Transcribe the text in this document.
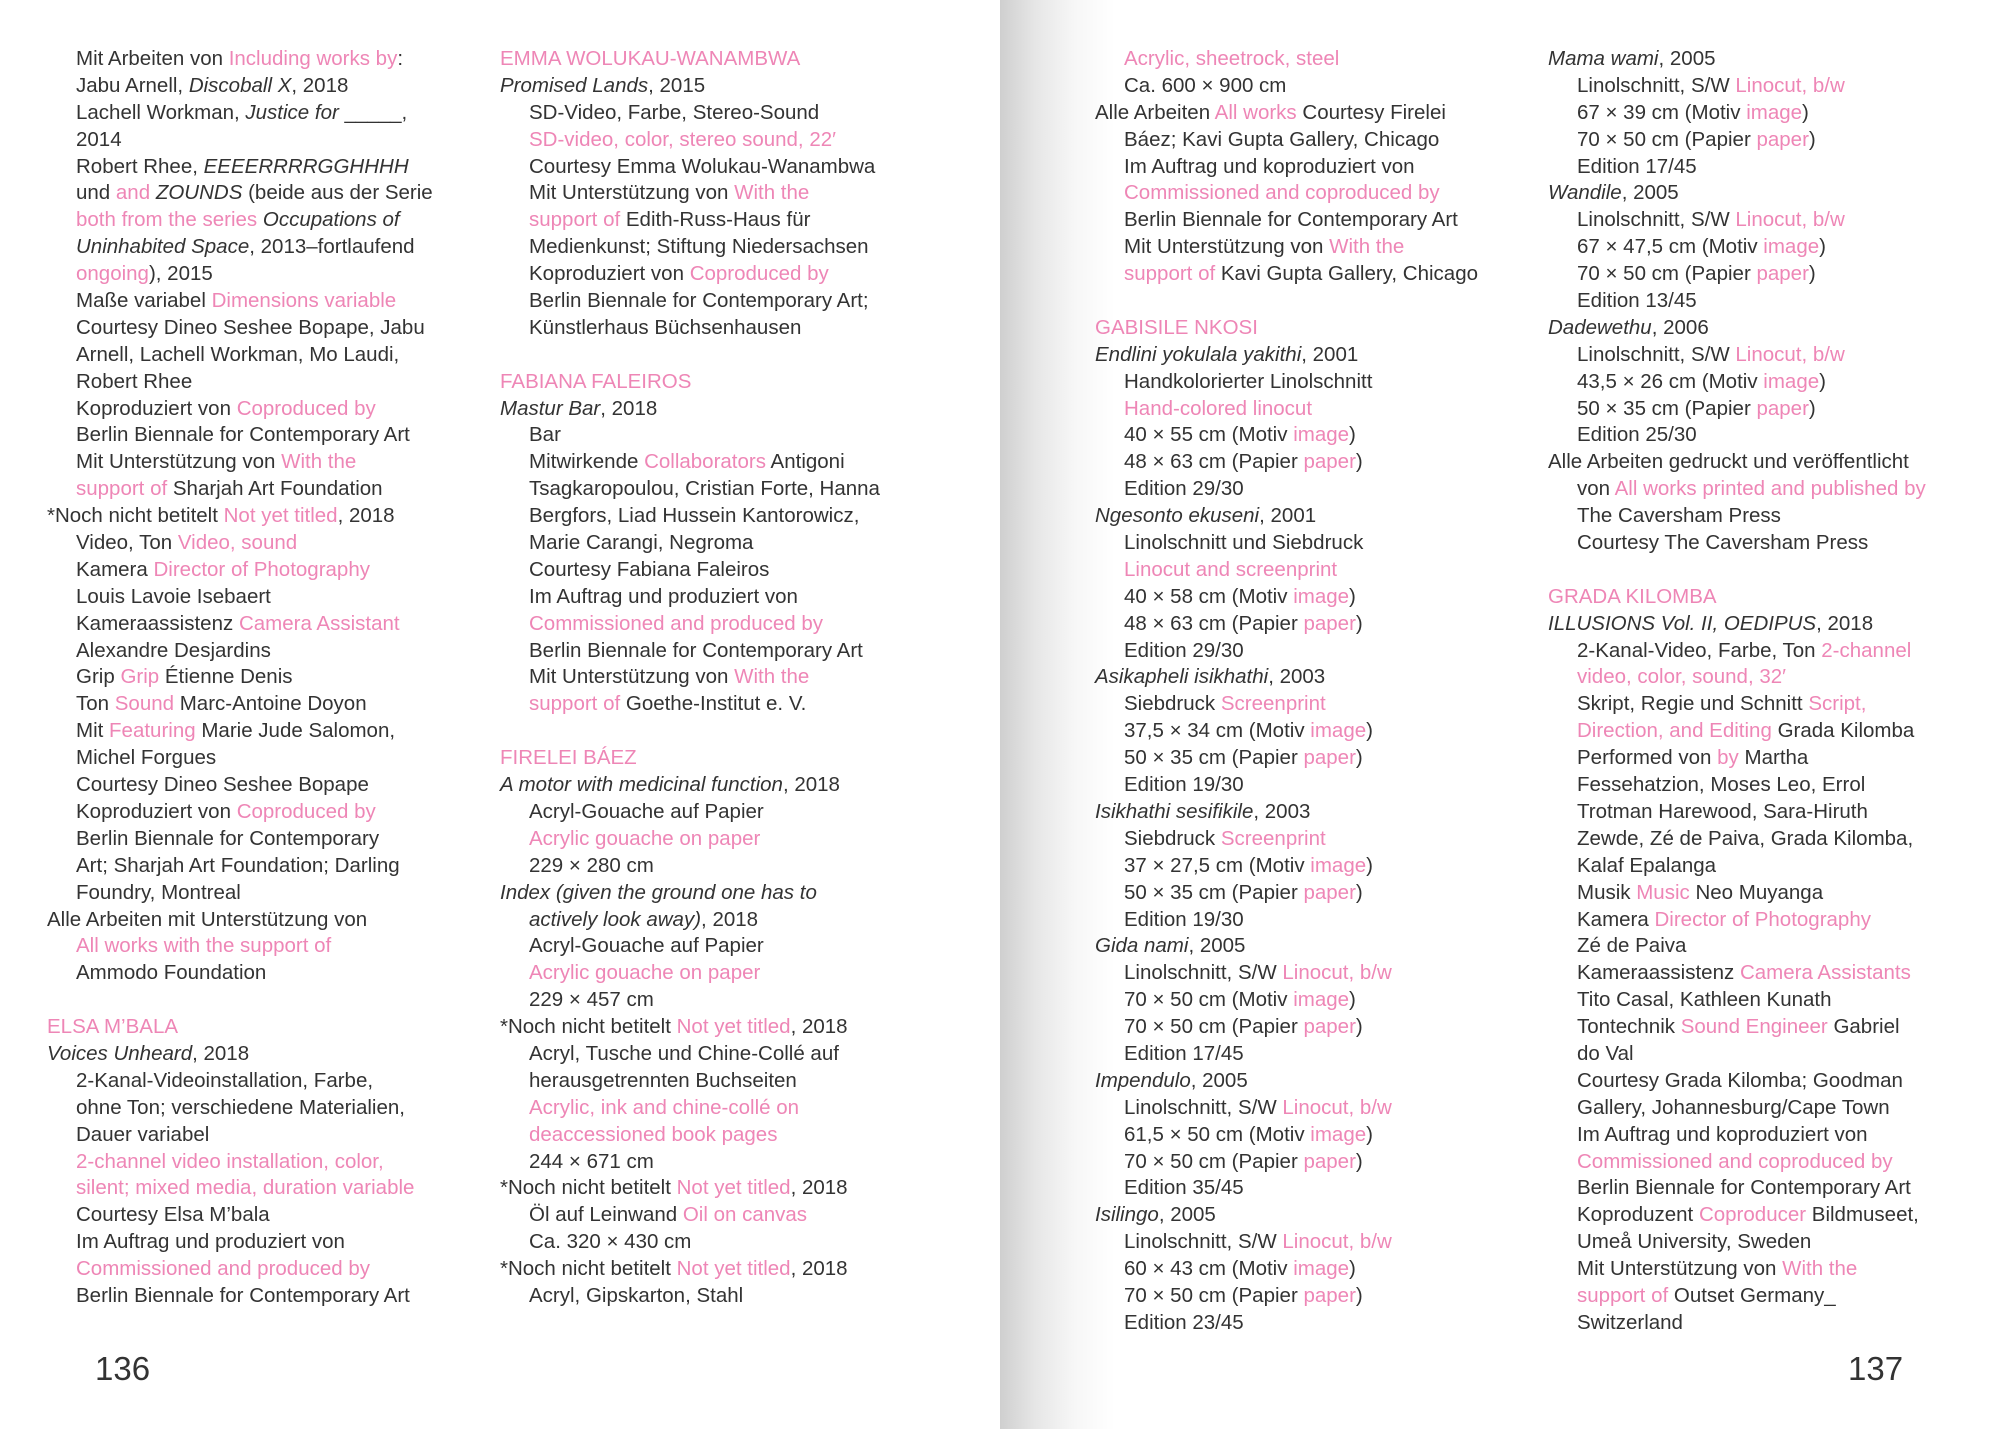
Mit Arbeiten von Including works by:
Jabu Arnell, Discoball X, 2018
Lachell Workman, Justice for _____,
2014
Robert Rhee, EEEERRRRGGHHHH
und and ZOUNDS (beide aus der Serie
both from the series Occupations of
Uninhabited Space, 2013–fortlaufend
ongoing), 2015
Maße variabel Dimensions variable
Courtesy Dineo Seshee Bopape, Jabu
Arnell, Lachell Workman, Mo Laudi,
Robert Rhee
Koproduziert von Coproduced by
Berlin Biennale for Contemporary Art
Mit Unterstützung von With the
support of Sharjah Art Foundation
*Noch nicht betitelt Not yet titled, 2018
Video, Ton Video, sound
Kamera Director of Photography
Louis Lavoie Isebaert
Kameraassistenz Camera Assistant
Alexandre Desjardins
Grip Grip Étienne Denis
Ton Sound Marc-Antoine Doyon
Mit Featuring Marie Jude Salomon,
Michel Forgues
Courtesy Dineo Seshee Bopape
Koproduziert von Coproduced by
Berlin Biennale for Contemporary
Art; Sharjah Art Foundation; Darling
Foundry, Montreal
Alle Arbeiten mit Unterstützung von
All works with the support of
Ammodo Foundation
ELSA M’BALA
Voices Unheard, 2018
2-Kanal-Videoinstallation, Farbe,
ohne Ton; verschiedene Materialien,
Dauer variabel
2-channel video installation, color,
silent; mixed media, duration variable
Courtesy Elsa M’bala
Im Auftrag und produziert von
Commissioned and produced by
Berlin Biennale for Contemporary Art
EMMA WOLUKAU-WANAMBWA
Promised Lands, 2015
SD-Video, Farbe, Stereo-Sound
SD-video, color, stereo sound, 22′
Courtesy Emma Wolukau-Wanambwa
Mit Unterstützung von With the
support of Edith-Russ-Haus für
Medienkunst; Stiftung Niedersachsen
Koproduziert von Coproduced by
Berlin Biennale for Contemporary Art;
Künstlerhaus Büchsenhausen
FABIANA FALEIROS
Mastur Bar, 2018
Bar
Mitwirkende Collaborators Antigoni
Tsagkaropoulou, Cristian Forte, Hanna
Bergfors, Liad Hussein Kantorowicz,
Marie Carangi, Negroma
Courtesy Fabiana Faleiros
Im Auftrag und produziert von
Commissioned and produced by
Berlin Biennale for Contemporary Art
Mit Unterstützung von With the
support of Goethe-Institut e. V.
FIRELEI BÁEZ
A motor with medicinal function, 2018
Acryl-Gouache auf Papier
Acrylic gouache on paper
229 × 280 cm
Index (given the ground one has to
actively look away), 2018
Acryl-Gouache auf Papier
Acrylic gouache on paper
229 × 457 cm
*Noch nicht betitelt Not yet titled, 2018
Acryl, Tusche und Chine-Collé auf
herausgetrennten Buchseiten
Acrylic, ink and chine-collé on
deaccessioned book pages
244 × 671 cm
*Noch nicht betitelt Not yet titled, 2018
Öl auf Leinwand Oil on canvas
Ca. 320 × 430 cm
*Noch nicht betitelt Not yet titled, 2018
Acryl, Gipskarton, Stahl
136
Acrylic, sheetrock, steel
Ca. 600 × 900 cm
Alle Arbeiten All works Courtesy Firelei
Báez; Kavi Gupta Gallery, Chicago
Im Auftrag und koproduziert von
Commissioned and coproduced by
Berlin Biennale for Contemporary Art
Mit Unterstützung von With the
support of Kavi Gupta Gallery, Chicago
GABISILE NKOSI
Endlini yokulala yakithi, 2001
Handkolorierter Linolschnitt
Hand-colored linocut
40 × 55 cm (Motiv image)
48 × 63 cm (Papier paper)
Edition 29/30
Ngesonto ekuseni, 2001
Linolschnitt und Siebdruck
Linocut and screenprint
40 × 58 cm (Motiv image)
48 × 63 cm (Papier paper)
Edition 29/30
Asikapheli isikhathi, 2003
Siebdruck Screenprint
37,5 × 34 cm (Motiv image)
50 × 35 cm (Papier paper)
Edition 19/30
Isikhathi sesifikile, 2003
Siebdruck Screenprint
37 × 27,5 cm (Motiv image)
50 × 35 cm (Papier paper)
Edition 19/30
Gida nami, 2005
Linolschnitt, S/W Linocut, b/w
70 × 50 cm (Motiv image)
70 × 50 cm (Papier paper)
Edition 17/45
Impendulo, 2005
Linolschnitt, S/W Linocut, b/w
61,5 × 50 cm (Motiv image)
70 × 50 cm (Papier paper)
Edition 35/45
Isilingo, 2005
Linolschnitt, S/W Linocut, b/w
60 × 43 cm (Motiv image)
70 × 50 cm (Papier paper)
Edition 23/45
Mama wami, 2005
Linolschnitt, S/W Linocut, b/w
67 × 39 cm (Motiv image)
70 × 50 cm (Papier paper)
Edition 17/45
Wandile, 2005
Linolschnitt, S/W Linocut, b/w
67 × 47,5 cm (Motiv image)
70 × 50 cm (Papier paper)
Edition 13/45
Dadewethu, 2006
Linolschnitt, S/W Linocut, b/w
43,5 × 26 cm (Motiv image)
50 × 35 cm (Papier paper)
Edition 25/30
Alle Arbeiten gedruckt und veröffentlicht
von All works printed and published by
The Caversham Press
Courtesy The Caversham Press
GRADA KILOMBA
ILLUSIONS Vol. II, OEDIPUS, 2018
2-Kanal-Video, Farbe, Ton 2-channel
video, color, sound, 32′
Skript, Regie und Schnitt Script,
Direction, and Editing Grada Kilomba
Performed von by Martha
Fessehatzion, Moses Leo, Errol
Trotman Harewood, Sara-Hiruth
Zewde, Zé de Paiva, Grada Kilomba,
Kalaf Epalanga
Musik Music Neo Muyanga
Kamera Director of Photography
Zé de Paiva
Kameraassistenz Camera Assistants
Tito Casal, Kathleen Kunath
Tontechnik Sound Engineer Gabriel
do Val
Courtesy Grada Kilomba; Goodman
Gallery, Johannesburg/Cape Town
Im Auftrag und koproduziert von
Commissioned and coproduced by
Berlin Biennale for Contemporary Art
Koproduzent Coproducer Bildmuseet,
Umeå University, Sweden
Mit Unterstützung von With the
support of Outset Germany_
Switzerland
137
